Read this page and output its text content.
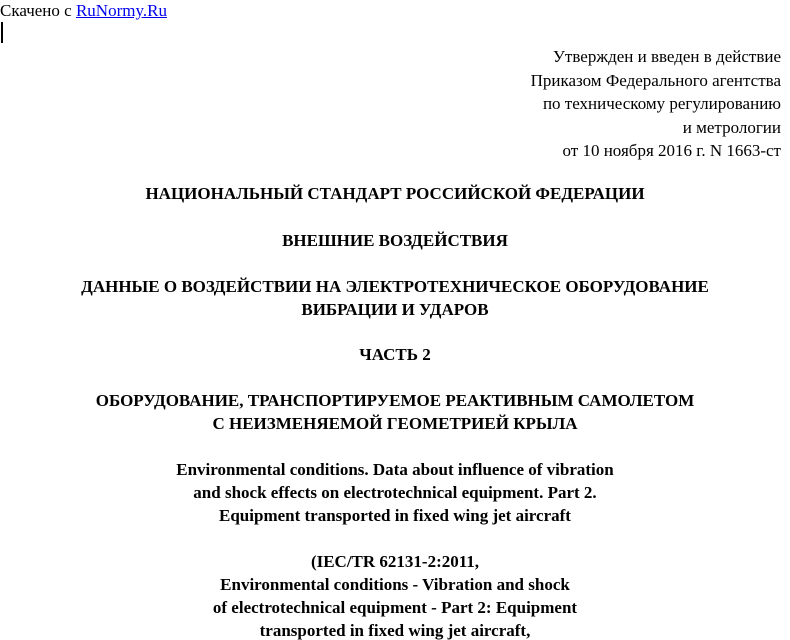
Скачено с RuNormy.Ru
Утвержден и введен в действие
Приказом Федерального агентства
по техническому регулированию
и метрологии
от 10 ноября 2016 г. N 1663-ст
НАЦИОНАЛЬНЫЙ СТАНДАРТ РОССИЙСКОЙ ФЕДЕРАЦИИ
ВНЕШНИЕ ВОЗДЕЙСТВИЯ
ДАННЫЕ О ВОЗДЕЙСТВИИ НА ЭЛЕКТРОТЕХНИЧЕСКОЕ ОБОРУДОВАНИЕ
ВИБРАЦИИ И УДАРОВ
ЧАСТЬ 2
ОБОРУДОВАНИЕ, ТРАНСПОРТИРУЕМОЕ РЕАКТИВНЫМ САМОЛЕТОМ
С НЕИЗМЕНЯЕМОЙ ГЕОМЕТРИЕЙ КРЫЛА
Environmental conditions. Data about influence of vibration
and shock effects on electrotechnical equipment. Part 2.
Equipment transported in fixed wing jet aircraft
(IEC/TR 62131-2:2011,
Environmental conditions - Vibration and shock
of electrotechnical equipment - Part 2: Equipment
transported in fixed wing jet aircraft,
